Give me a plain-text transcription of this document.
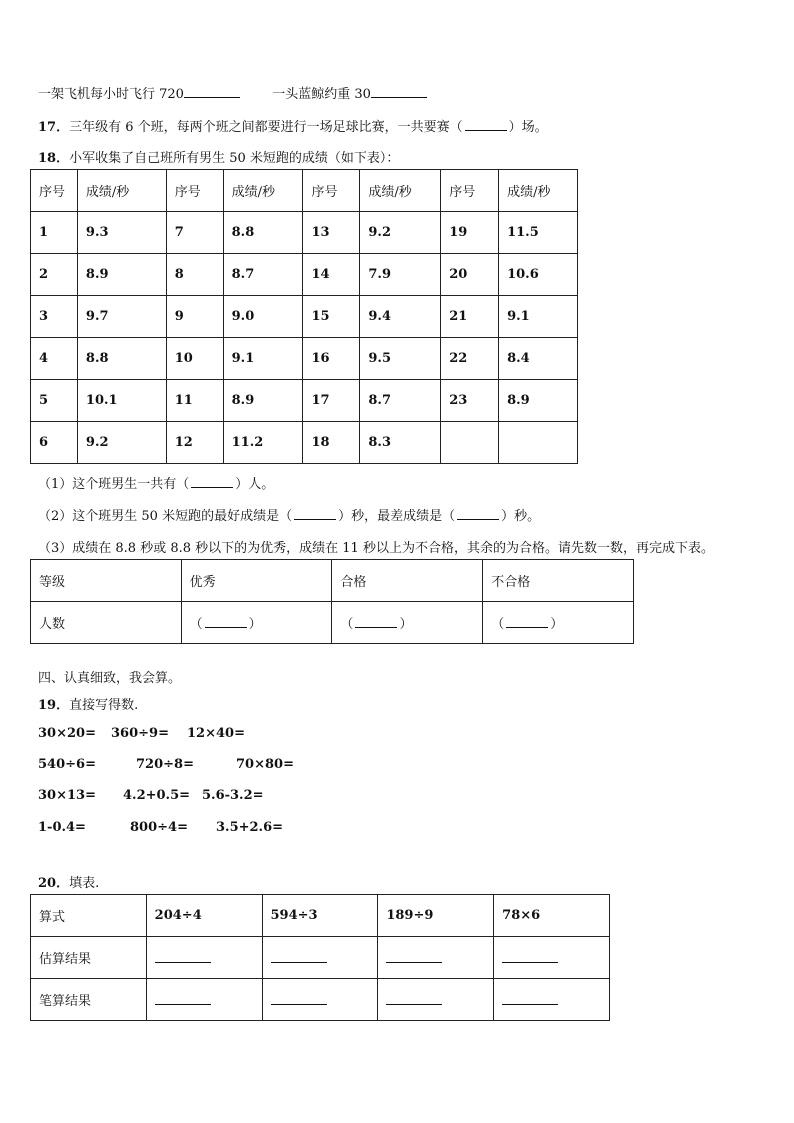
一架飞机每小时飞行 720	一头蓝鲸约重 30
17．三年级有 6 个班，每两个班之间都要进行一场足球比赛，一共要赛（	）场。
18．小军收集了自己班所有男生 50 米短跑的成绩（如下表）：
序号	成绩/秒	序号	成绩/秒	序号	成绩/秒	序号	成绩/秒
1	9.3	7	8.8	13	9.2	19	11.5
2	8.9	8	8.7	14	7.9	20	10.6
3	9.7	9	9.0	15	9.4	21	9.1
4	8.8	10	9.1	16	9.5	22	8.4
5	10.1	11	8.9	17	8.7	23	8.9
6	9.2	12	11.2	18	8.3		
（1）这个班男生一共有（	）人。
（2）这个班男生 50 米短跑的最好成绩是（	）秒，最差成绩是（	）秒。
（3）成绩在 8.8 秒或 8.8 秒以下的为优秀，成绩在 11 秒以上为不合格，其余的为合格。请先数一数，再完成下表。
等级	优秀	合格	不合格
人数	（ ）	（ ）	（ ）
四、认真细致，我会算。
19．直接写得数.
30×20= 360÷9= 12×40=
540÷6=	720÷8=	70×80=
30×13= 4.2+0.5= 5.6-3.2=
1-0.4=	800÷4= 3.5+2.6=
20．填表.
算式	204÷4	594÷3	189÷9	78×6
估算结果				
笔算结果				
